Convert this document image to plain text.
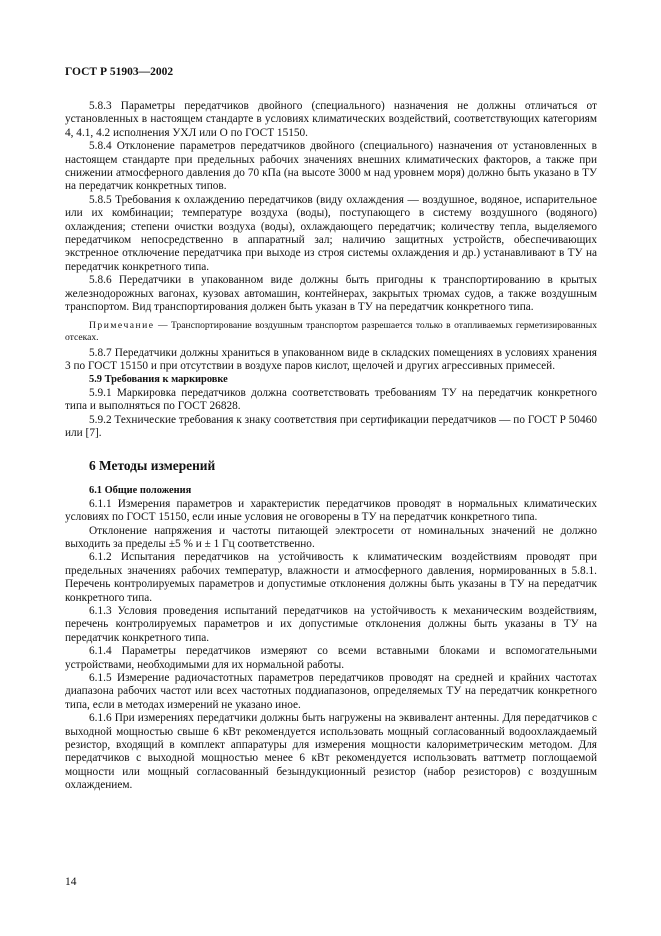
ГОСТ Р 51903—2002

5.8.3 Параметры передатчиков двойного (специального) назначения не должны отличаться от установленных в настоящем стандарте в условиях климатических воздействий, соответствующих категориям 4, 4.1, 4.2 исполнения УХЛ или О по ГОСТ 15150.

5.8.4 Отклонение параметров передатчиков двойного (специального) назначения от установленных в настоящем стандарте при предельных рабочих значениях внешних климатических факторов, а также при снижении атмосферного давления до 70 кПа (на высоте 3000 м над уровнем моря) должно быть указано в ТУ на передатчик конкретных типов.

5.8.5 Требования к охлаждению передатчиков (виду охлаждения — воздушное, водяное, испарительное или их комбинации; температуре воздуха (воды), поступающего в систему воздушного (водяного) охлаждения; степени очистки воздуха (воды), охлаждающего передатчик; количеству тепла, выделяемого передатчиком непосредственно в аппаратный зал; наличию защитных устройств, обеспечивающих экстренное отключение передатчика при выходе из строя системы охлаждения и др.) устанавливают в ТУ на передатчик конкретного типа.

5.8.6 Передатчики в упакованном виде должны быть пригодны к транспортированию в крытых железнодорожных вагонах, кузовах автомашин, контейнерах, закрытых трюмах судов, а также воздушным транспортом. Вид транспортирования должен быть указан в ТУ на передатчик конкретного типа.

Примечание — Транспортирование воздушным транспортом разрешается только в отапливаемых герметизированных отсеках.

5.8.7 Передатчики должны храниться в упакованном виде в складских помещениях в условиях хранения 3 по ГОСТ 15150 и при отсутствии в воздухе паров кислот, щелочей и других агрессивных примесей.

5.9 Требования к маркировке

5.9.1 Маркировка передатчиков должна соответствовать требованиям ТУ на передатчик конкретного типа и выполняться по ГОСТ 26828.

5.9.2 Технические требования к знаку соответствия при сертификации передатчиков — по ГОСТ Р 50460 или [7].

6 Методы измерений

6.1 Общие положения

6.1.1 Измерения параметров и характеристик передатчиков проводят в нормальных климатических условиях по ГОСТ 15150, если иные условия не оговорены в ТУ на передатчик конкретного типа.

Отклонение напряжения и частоты питающей электросети от номинальных значений не должно выходить за пределы ±5 % и ± 1 Гц соответственно.

6.1.2 Испытания передатчиков на устойчивость к климатическим воздействиям проводят при предельных значениях рабочих температур, влажности и атмосферного давления, нормированных в 5.8.1. Перечень контролируемых параметров и допустимые отклонения должны быть указаны в ТУ на передатчик конкретного типа.

6.1.3 Условия проведения испытаний передатчиков на устойчивость к механическим воздействиям, перечень контролируемых параметров и их допустимые отклонения должны быть указаны в ТУ на передатчик конкретного типа.

6.1.4 Параметры передатчиков измеряют со всеми вставными блоками и вспомогательными устройствами, необходимыми для их нормальной работы.

6.1.5 Измерение радиочастотных параметров передатчиков проводят на средней и крайних частотах диапазона рабочих частот или всех частотных поддиапазонов, определяемых ТУ на передатчик конкретного типа, если в методах измерений не указано иное.

6.1.6 При измерениях передатчики должны быть нагружены на эквивалент антенны. Для передатчиков с выходной мощностью свыше 6 кВт рекомендуется использовать мощный согласованный водоохлаждаемый резистор, входящий в комплект аппаратуры для измерения мощности калориметрическим методом. Для передатчиков с выходной мощностью менее 6 кВт рекомендуется использовать ваттметр поглощаемой мощности или мощный согласованный безындукционный резистор (набор резисторов) с воздушным охлаждением.

14
